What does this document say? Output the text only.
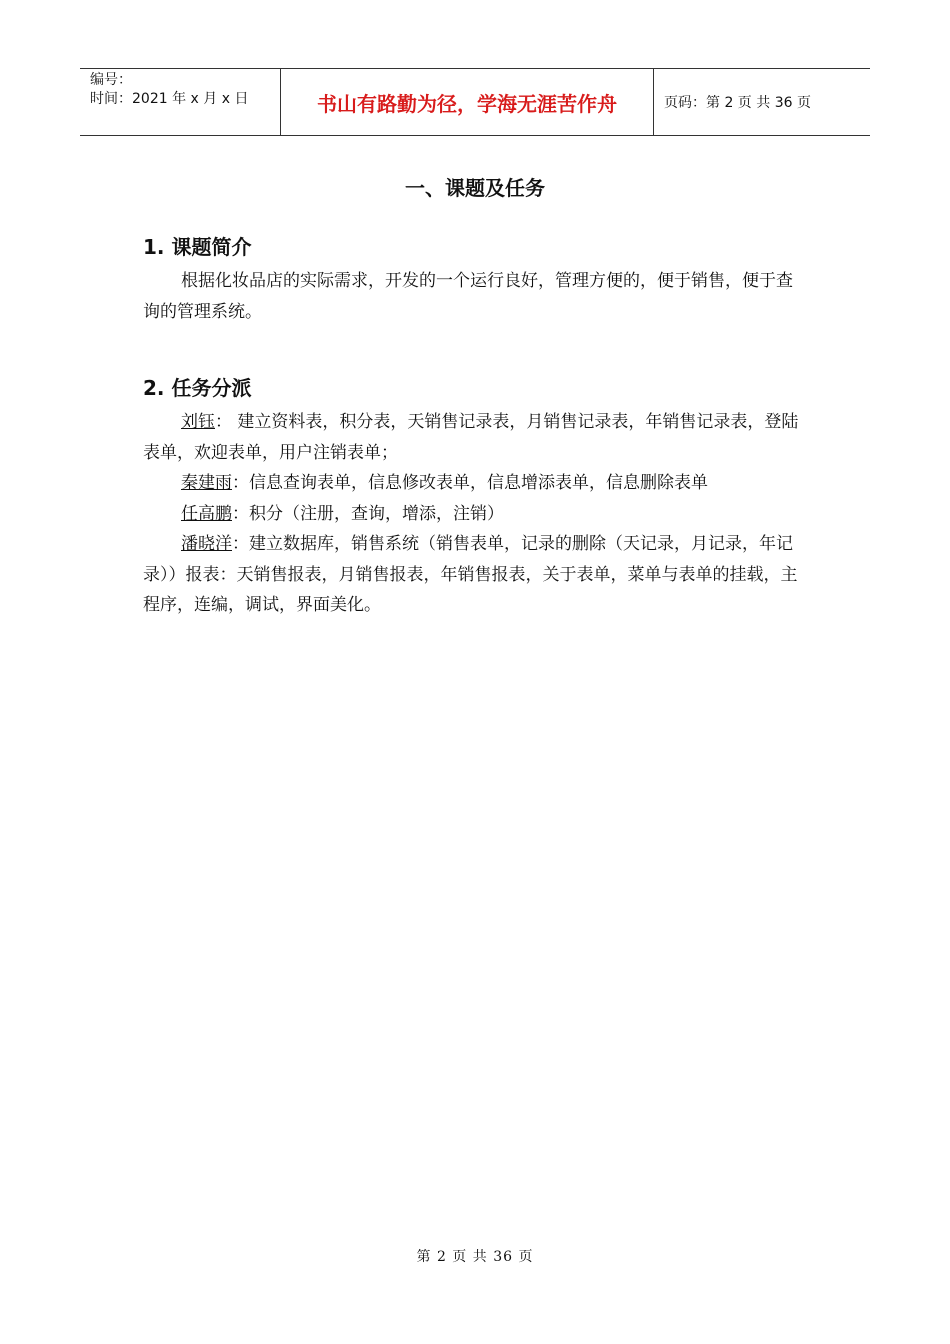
编号：
时间：2021 年 x 月 x 日	书山有路勤为径，学海无涯苦作舟	页码：第 2 页 共 36 页
一、课题及任务
1. 课题简介

根据化妆品店的实际需求，开发的一个运行良好，管理方便的，便于销售，便于查询的管理系统。

2. 任务分派

刘钰： 建立资料表，积分表，天销售记录表，月销售记录表，年销售记录表，登陆表单，欢迎表单，用户注销表单；

秦建雨：信息查询表单，信息修改表单，信息增添表单，信息删除表单

任高鹏：积分（注册，查询，增添，注销）

潘晓洋：建立数据库，销售系统（销售表单，记录的删除（天记录，月记录，年记录））报表：天销售报表，月销售报表，年销售报表，关于表单，菜单与表单的挂载，主程序，连编，调试，界面美化。

第 2 页 共 36 页
